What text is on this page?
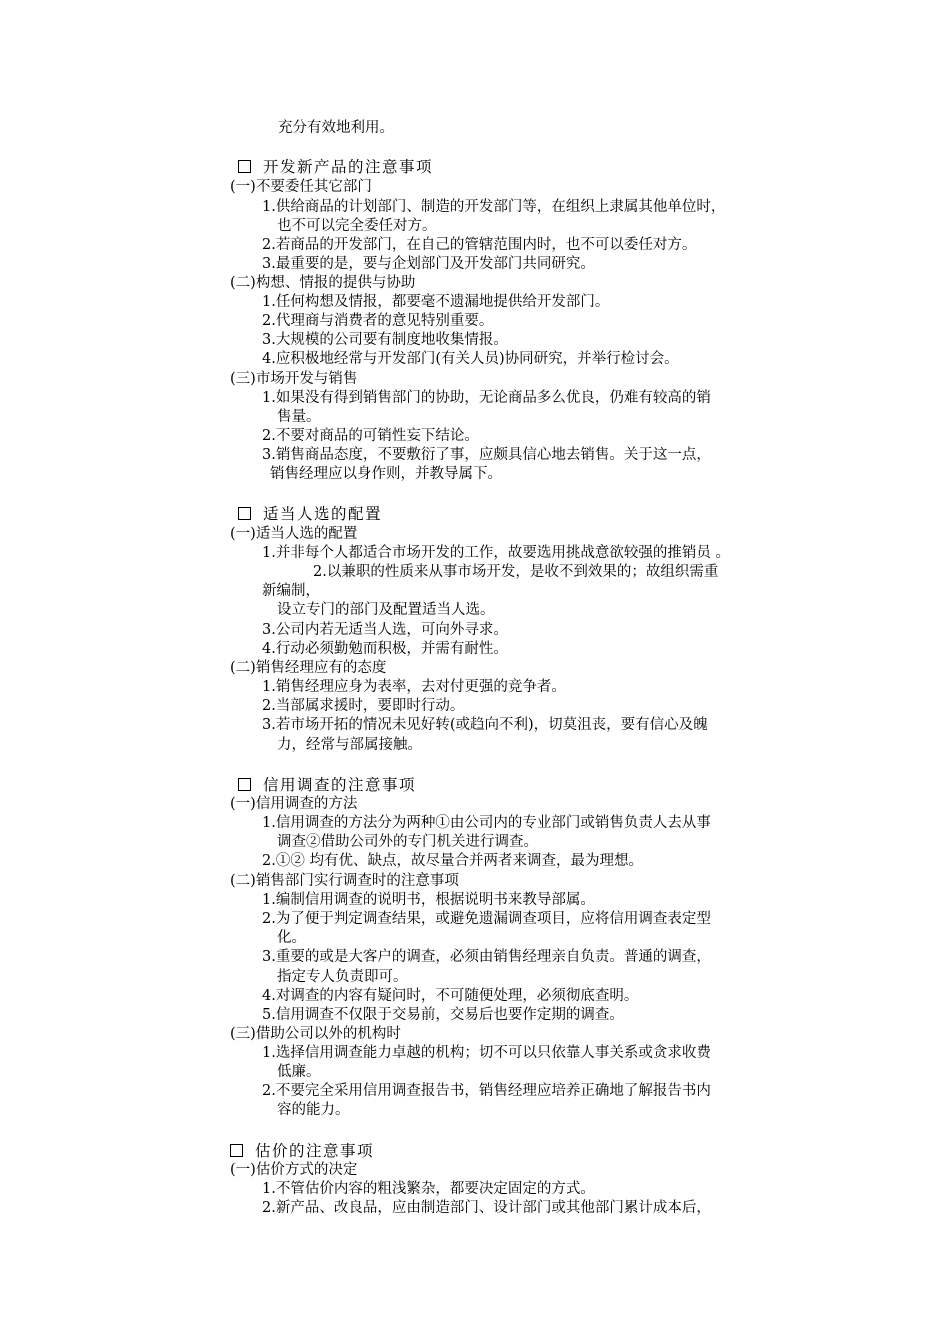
充分有效地利用。
开发新产品的注意事项
(一)不要委任其它部门
1.供给商品的计划部门、制造的开发部门等，在组织上隶属其他单位时，
也不可以完全委任对方。
2.若商品的开发部门，在自己的管辖范围内时，也不可以委任对方。
3.最重要的是，要与企划部门及开发部门共同研究。
(二)构想、情报的提供与协助
1.任何构想及情报，都要毫不遗漏地提供给开发部门。
2.代理商与消费者的意见特别重要。
3.大规模的公司要有制度地收集情报。
4.应积极地经常与开发部门(有关人员)协同研究，并举行检讨会。
(三)市场开发与销售
1.如果没有得到销售部门的协助，无论商品多么优良，仍难有较高的销
售量。
2.不要对商品的可销性妄下结论。
3.销售商品态度，不要敷衍了事，应颇具信心地去销售。关于这一点，
销售经理应以身作则，并教导属下。
适当人选的配置
(一)适当人选的配置
1.并非每个人都适合市场开发的工作，故要选用挑战意欲较强的推销员 。
2.以兼职的性质来从事市场开发，是收不到效果的；故组织需重
新编制，
设立专门的部门及配置适当人选。
3.公司内若无适当人选，可向外寻求。
4.行动必须勤勉而积极，并需有耐性。
(二)销售经理应有的态度
1.销售经理应身为表率，去对付更强的竞争者。
2.当部属求援时，要即时行动。
3.若市场开拓的情况未见好转(或趋向不利)，切莫沮丧，要有信心及魄
力，经常与部属接触。
信用调查的注意事项
(一)信用调查的方法
1.信用调查的方法分为两种①由公司内的专业部门或销售负责人去从事
调查②借助公司外的专门机关进行调查。
2.①② 均有优、缺点，故尽量合并两者来调查，最为理想。
(二)销售部门实行调查时的注意事项
1.编制信用调查的说明书，根据说明书来教导部属。
2.为了便于判定调查结果，或避免遗漏调查项目，应将信用调查表定型
化。
3.重要的或是大客户的调查，必须由销售经理亲自负责。普通的调查，
指定专人负责即可。
4.对调查的内容有疑问时，不可随便处理，必须彻底查明。
5.信用调查不仅限于交易前，交易后也要作定期的调查。
(三)借助公司以外的机构时
1.选择信用调查能力卓越的机构；切不可以只依靠人事关系或贪求收费
低廉。
2.不要完全采用信用调查报告书，销售经理应培养正确地了解报告书内
容的能力。
估价的注意事项
(一)估价方式的决定
1.不管估价内容的粗浅繁杂，都要决定固定的方式。
2.新产品、改良品，应由制造部门、设计部门或其他部门累计成本后，
